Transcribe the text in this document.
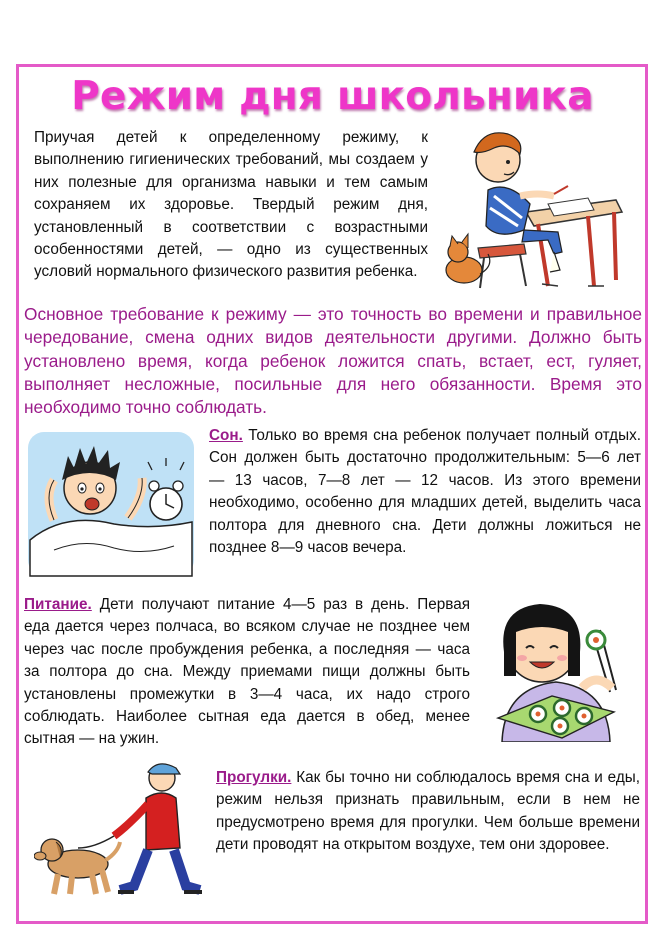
Режим дня школьника
Приучая детей к определенному режиму, к выполнению гигиенических требований, мы создаем у них полезные для организма навыки и тем самым сохраняем их здоровье. Твердый режим дня, установленный в соответствии с возрастными особенностями детей, — одно из существенных условий нормального физического развития ребенка.
Основное требование к режиму — это точность во времени и правильное чередование, смена одних видов деятельности другими. Должно быть установлено время, когда ребенок ложится спать, встает, ест, гуляет, выполняет несложные, посильные для него обязанности. Время это необходимо точно соблюдать.
Сон. Только во время сна ребенок получает полный отдых. Сон должен быть достаточно продолжительным: 5—6 лет — 13 часов, 7—8 лет — 12 часов. Из этого времени необходимо, особенно для младших детей, выделить часа полтора для дневного сна. Дети должны ложиться не позднее 8—9 часов вечера.
Питание. Дети получают питание 4—5 раз в день. Первая еда дается через полчаса, во всяком случае не позднее чем через час после пробуждения ребенка, а последняя — часа за полтора до сна. Между приемами пищи должны быть установлены промежутки в 3—4 часа, их надо строго соблюдать. Наиболее сытная еда дается в обед, менее сытная — на ужин.
Прогулки. Как бы точно ни соблюдалось время сна и еды, режим нельзя признать правильным, если в нем не предусмотрено время для прогулки. Чем больше времени дети проводят на открытом воздухе, тем они здоровее.
